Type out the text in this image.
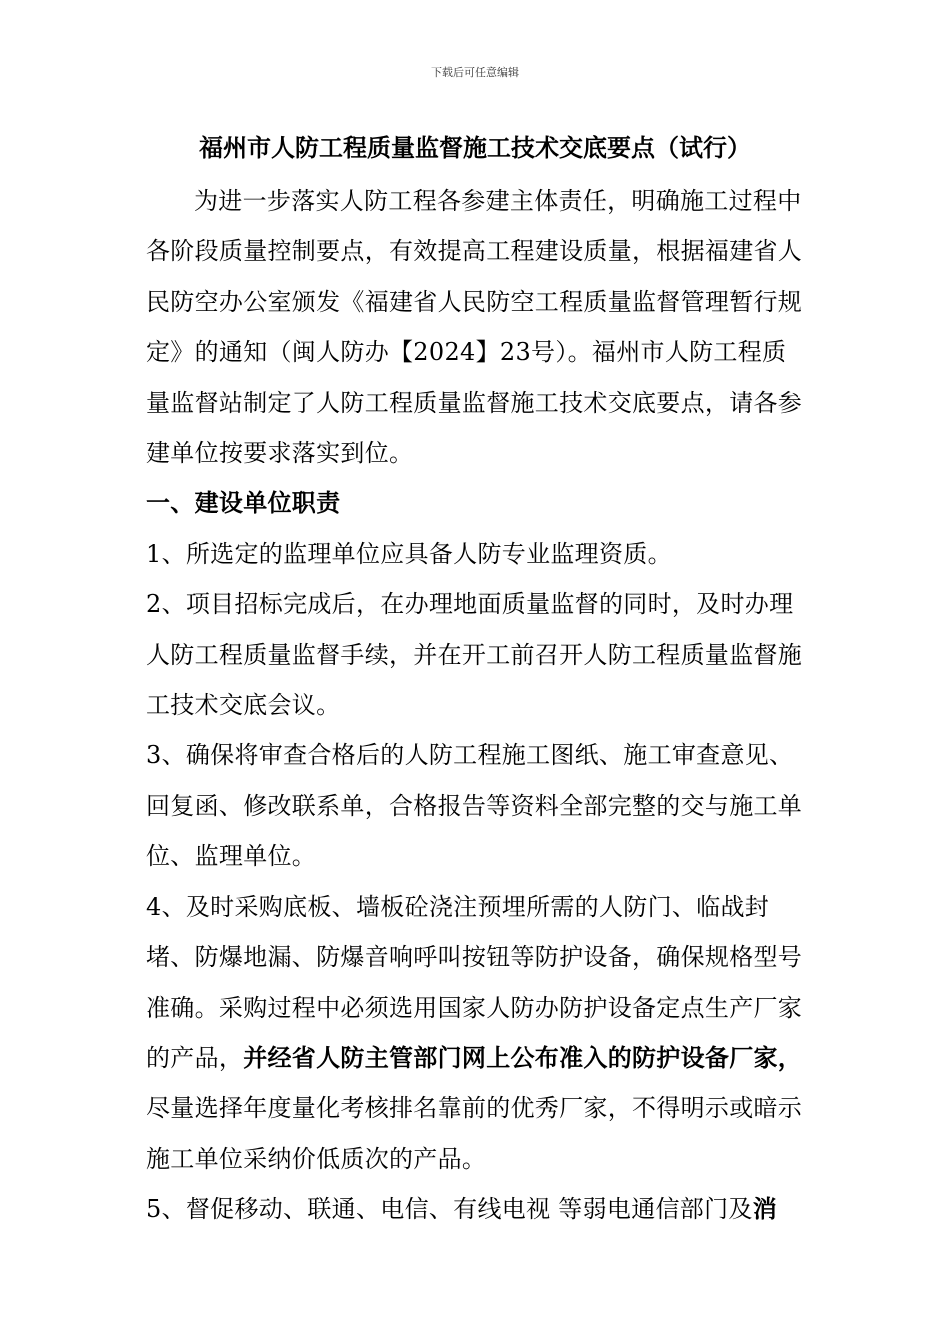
下载后可任意编辑
福州市人防工程质量监督施工技术交底要点（试行）

为进一步落实人防工程各参建主体责任，明确施工过程中各阶段质量控制要点，有效提高工程建设质量，根据福建省人民防空办公室颁发《福建省人民防空工程质量监督管理暂行规定》的通知（闽人防办【2024】23号）。福州市人防工程质量监督站制定了人防工程质量监督施工技术交底要点，请各参建单位按要求落实到位。

一、建设单位职责

1、所选定的监理单位应具备人防专业监理资质。

2、项目招标完成后，在办理地面质量监督的同时，及时办理人防工程质量监督手续，并在开工前召开人防工程质量监督施工技术交底会议。

3、确保将审查合格后的人防工程施工图纸、施工审查意见、回复函、修改联系单，合格报告等资料全部完整的交与施工单位、监理单位。

4、及时采购底板、墙板砼浇注预埋所需的人防门、临战封堵、防爆地漏、防爆音响呼叫按钮等防护设备，确保规格型号准确。采购过程中必须选用国家人防办防护设备定点生产厂家的产品，并经省人防主管部门网上公布准入的防护设备厂家，尽量选择年度量化考核排名靠前的优秀厂家，不得明示或暗示施工单位采纳价低质次的产品。

5、督促移动、联通、电信、有线电视 等弱电通信部门及消
